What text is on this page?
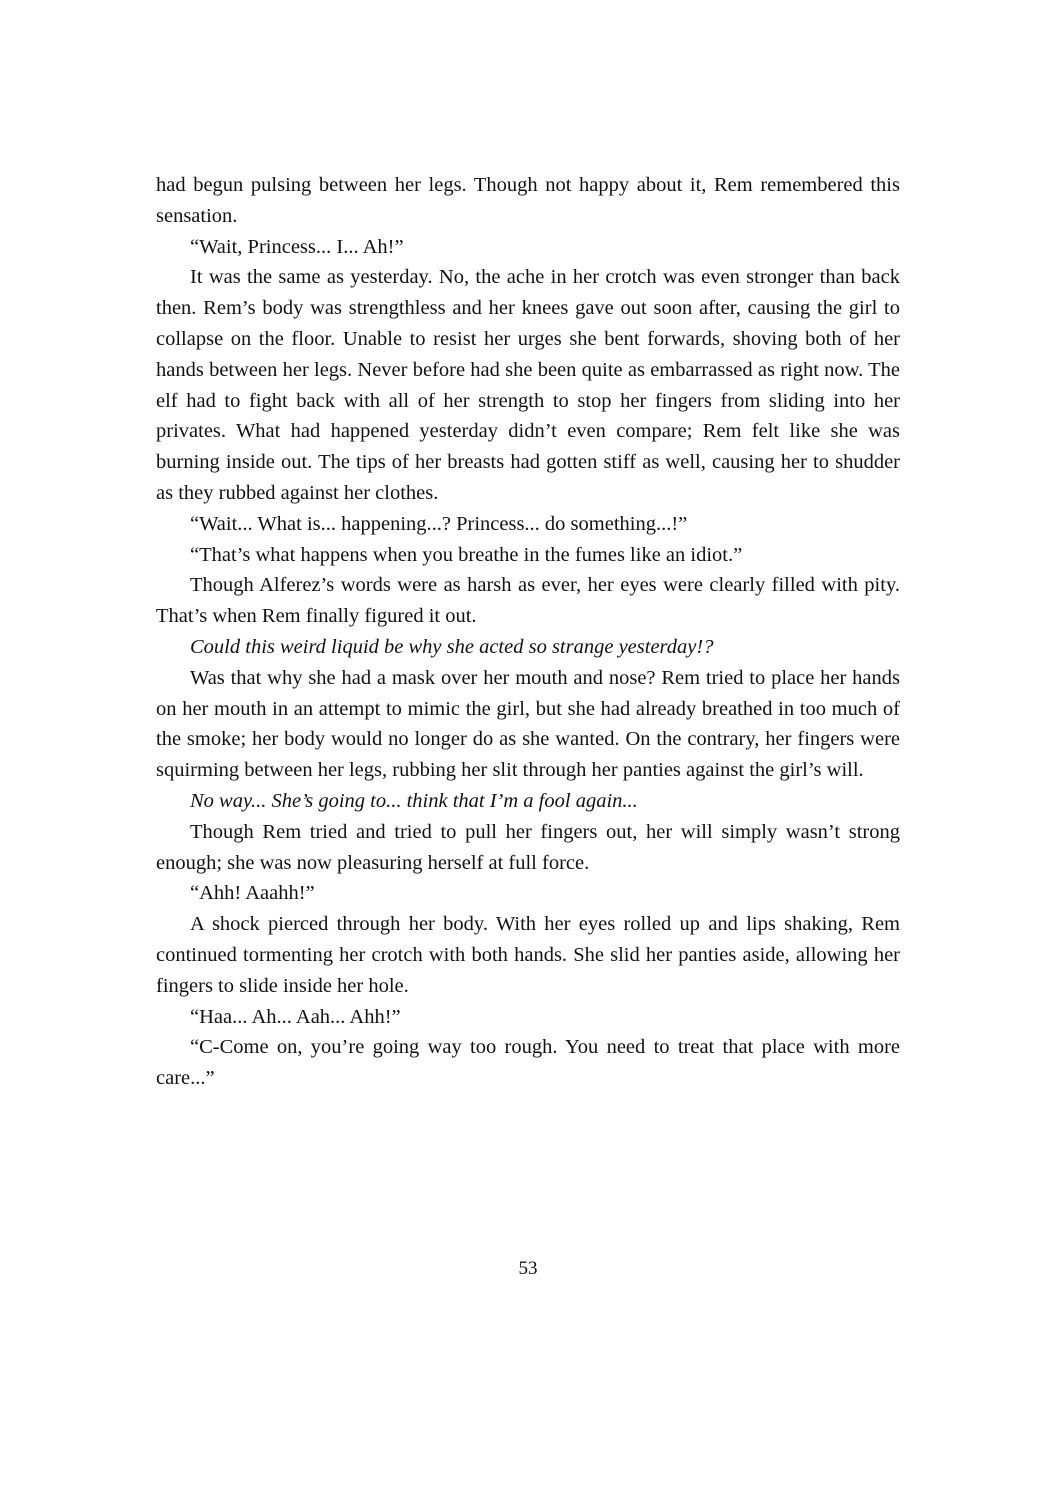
had begun pulsing between her legs. Though not happy about it, Rem remembered this sensation.

“Wait, Princess... I... Ah!”

It was the same as yesterday. No, the ache in her crotch was even stronger than back then. Rem’s body was strengthless and her knees gave out soon after, causing the girl to collapse on the floor. Unable to resist her urges she bent forwards, shoving both of her hands between her legs. Never before had she been quite as embarrassed as right now. The elf had to fight back with all of her strength to stop her fingers from sliding into her privates. What had happened yesterday didn’t even compare; Rem felt like she was burning inside out. The tips of her breasts had gotten stiff as well, causing her to shudder as they rubbed against her clothes.

“Wait... What is... happening...? Princess... do something...!”

“That’s what happens when you breathe in the fumes like an idiot.”

Though Alferez’s words were as harsh as ever, her eyes were clearly filled with pity. That’s when Rem finally figured it out.

Could this weird liquid be why she acted so strange yesterday!?

Was that why she had a mask over her mouth and nose? Rem tried to place her hands on her mouth in an attempt to mimic the girl, but she had already breathed in too much of the smoke; her body would no longer do as she wanted. On the contrary, her fingers were squirming between her legs, rubbing her slit through her panties against the girl’s will.

No way... She’s going to... think that I’m a fool again...

Though Rem tried and tried to pull her fingers out, her will simply wasn’t strong enough; she was now pleasuring herself at full force.

“Ahh! Aaahh!”

A shock pierced through her body. With her eyes rolled up and lips shaking, Rem continued tormenting her crotch with both hands. She slid her panties aside, allowing her fingers to slide inside her hole.

“Haa... Ah... Aah... Ahh!”

“C-Come on, you’re going way too rough. You need to treat that place with more care...”

53
